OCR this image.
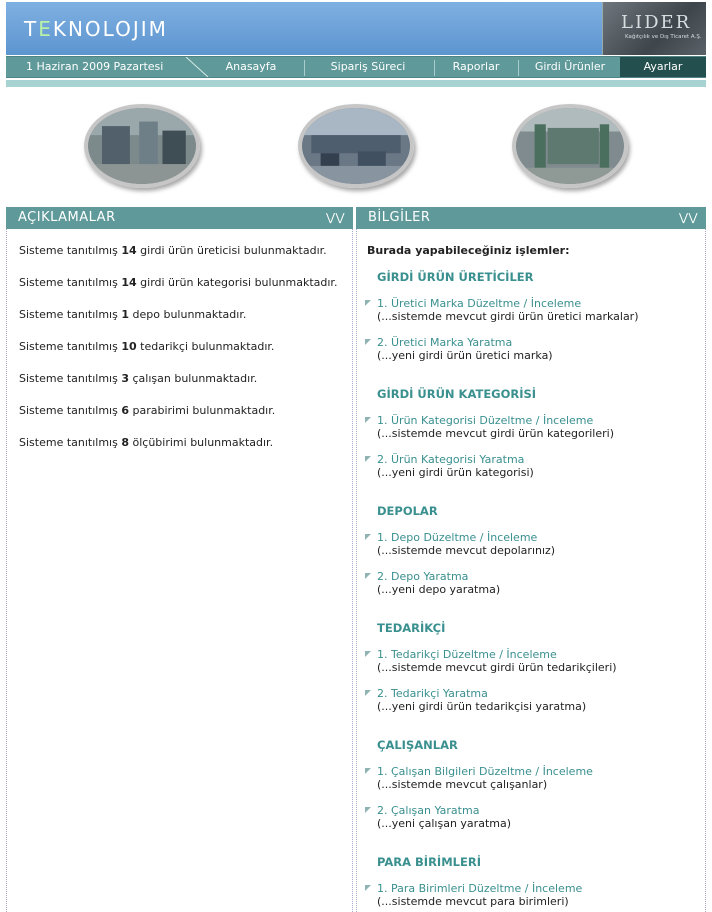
TEKNOLOJIM	LIDER
Kağıtçılık ve Dış Ticaret A.Ş.
1 Haziran 2009 Pazartesi	Anasayfa	Sipariş Süreci	Raporlar	Girdi Ürünler	Ayarlar
AÇIKLAMALAR	⋁⋁
Sisteme tanıtılmış 14 girdi ürün üreticisi bulunmaktadır.
Sisteme tanıtılmış 14 girdi ürün kategorisi bulunmaktadır.
Sisteme tanıtılmış 1 depo bulunmaktadır.
Sisteme tanıtılmış 10 tedarikçi bulunmaktadır.
Sisteme tanıtılmış 3 çalışan bulunmaktadır.
Sisteme tanıtılmış 6 parabirimi bulunmaktadır.
Sisteme tanıtılmış 8 ölçübirimi bulunmaktadır.
BİLGİLER	⋁⋁
Burada yapabileceğiniz işlemler:
GİRDİ ÜRÜN ÜRETİCİLER
1. Üretici Marka Düzeltme / İnceleme
(...sistemde mevcut girdi ürün üretici markalar)
2. Üretici Marka Yaratma
(...yeni girdi ürün üretici marka)
GİRDİ ÜRÜN KATEGORİSİ
1. Ürün Kategorisi Düzeltme / İnceleme
(...sistemde mevcut girdi ürün kategorileri)
2. Ürün Kategorisi Yaratma
(...yeni girdi ürün kategorisi)
DEPOLAR
1. Depo Düzeltme / İnceleme
(...sistemde mevcut depolarınız)
2. Depo Yaratma
(...yeni depo yaratma)
TEDARİKÇİ
1. Tedarikçi Düzeltme / İnceleme
(...sistemde mevcut girdi ürün tedarikçileri)
2. Tedarikçi Yaratma
(...yeni girdi ürün tedarikçisi yaratma)
ÇALIŞANLAR
1. Çalışan Bilgileri Düzeltme / İnceleme
(...sistemde mevcut çalışanlar)
2. Çalışan Yaratma
(...yeni çalışan yaratma)
PARA BİRİMLERİ
1. Para Birimleri Düzeltme / İnceleme
(...sistemde mevcut para birimleri)
